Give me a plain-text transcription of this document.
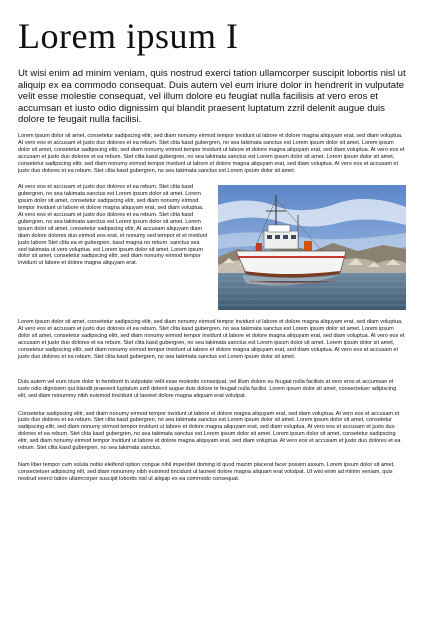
Lorem ipsum I

Ut wisi enim ad minim veniam, quis nostrud exerci tation ullamcorper suscipit lobortis nisl ut aliquip ex ea commodo consequat. Duis autem vel eum iriure dolor in hendrerit in vulputate velit esse molestie consequat, vel illum dolore eu feugiat nulla facilisis at vero eros et accumsan et iusto odio dignissim qui blandit praesent luptatum zzril delenit augue duis dolore te feugait nulla facilisi.

Lorem ipsum dolor sit amet, consetetur sadipscing elitr, sed diam nonumy eirmod tempor invidunt ut labore et dolore magna aliquyam erat, sed diam voluptua. At vero eos et accusam et justo duo dolores et ea rebum. Stet clita kasd gubergren, no sea takimata sanctus est Lorem ipsum dolor sit amet. Lorem ipsum dolor sit amet, consetetur sadipscing elitr, sed diam nonumy eirmod tempor invidunt ut labore et dolore magna aliquyam erat, sed diam voluptua. At vero eos et accusam et justo duo dolores et ea rebum. Stet clita kasd gubergren, no sea takimata sanctus est Lorem ipsum dolor sit amet. Lorem ipsum dolor sit amet, consetetur sadipscing elitr, sed diam nonumy eirmod tempor invidunt ut labore et dolore magna aliquyam erat, sed diam voluptua. At vero eos et accusam et justo duo dolores et ea rebum. Stet clita kasd gubergren, no sea takimata sanctus est Lorem ipsum dolor sit amet.

At vero eos et accusam et justo duo dolores et ea rebum. Stet clita kasd gubergren, no sea takimata sanctus est Lorem ipsum dolor sit amet. Lorem ipsum dolor sit amet, consetetur sadipscing elitr, sed diam nonumy eirmod tempor invidunt ut labore et dolore magna aliquyam erat, sed diam voluptua. At vero eos et accusam et justo duo dolores et ea rebum. Stet clita kasd gubergren, no sea takimata sanctus est Lorem ipsum dolor sit amet. Lorem ipsum dolor sit amet, consetetur sadipscing elitr, At accusam aliquyam diam diam dolore dolores duo eirmod eos erat, et nonumy sed tempor et et invidunt justo labore Stet clita ea et gubergren, kasd magna no rebum. sanctus sea sed takimata ut vero voluptua. est Lorem ipsum dolor sit amet. Lorem ipsum dolor sit amet, consetetur sadipscing elitr, sed diam nonumy eirmod tempor invidunt ut labore et dolore magna aliquyam erat.

Lorem ipsum dolor sit amet, consetetur sadipscing elitr, sed diam nonumy eirmod tempor invidunt ut labore et dolore magna aliquyam erat, sed diam voluptua. At vero eos et accusam et justo duo dolores et ea rebum. Stet clita kasd gubergren, no sea takimata sanctus est Lorem ipsum dolor sit amet. Lorem ipsum dolor sit amet, consetetur sadipscing elitr, sed diam nonumy eirmod tempor invidunt ut labore et dolore magna aliquyam erat, sed diam voluptua. At vero eos et accusam et justo duo dolores et ea rebum. Stet clita kasd gubergren, no sea takimata sanctus est Lorem ipsum dolor sit amet. Lorem ipsum dolor sit amet, consetetur sadipscing elitr, sed diam nonumy eirmod tempor invidunt ut labore et dolore magna aliquyam erat, sed diam voluptua. At vero eos et accusam et justo duo dolores et ea rebum. Stet clita kasd gubergren, no sea takimata sanctus est Lorem ipsum dolor sit amet.

Duis autem vel eum iriure dolor in hendrerit in vulputate velit esse molestie consequat, vel illum dolore eu feugiat nulla facilisis at vero eros et accumsan et iusto odio dignissim qui blandit praesent luptatum zzril delenit augue duis dolore te feugait nulla facilisi. Lorem ipsum dolor sit amet, consectetuer adipiscing elit, sed diam nonummy nibh euismod tincidunt ut laoreet dolore magna aliquam erat volutpat.

Consetetur sadipscing elitr, sed diam nonumy eirmod tempor invidunt ut labore et dolore magna aliquyam erat, sed diam voluptua. At vero eos et accusam et justo duo dolores et ea rebum. Stet clita kasd gubergren, no sea takimata sanctus est Lorem ipsum dolor sit amet. Lorem ipsum dolor sit amet, consetetur sadipscing elitr, sed diam nonumy eirmod tempor invidunt ut labore et dolore magna aliquyam erat, sed diam voluptua. At vero eos et accusam et justo duo dolores et ea rebum. Stet clita kasd gubergren, no sea takimata sanctus est Lorem ipsum dolor sit amet. Lorem ipsum dolor sit amet, consetetur sadipscing elitr, sed diam nonumy eirmod tempor invidunt ut labore et dolore magna aliquyam erat, sed diam voluptua. At vero eos et accusam et justo duo dolores et ea rebum. Stet clita kasd gubergren, no sea takimata sanctus.

Nam liber tempor cum soluta nobis eleifend option congue nihil imperdiet doming id quod mazim placerat facer possim assum. Lorem ipsum dolor sit amet, consectetuer adipiscing elit, sed diam nonummy nibh euismod tincidunt ut laoreet dolore magna aliquam erat volutpat. Ut wisi enim ad minim veniam, quis nostrud exerci tation ullamcorper suscipit lobortis nisl ut aliquip ex ea commodo consequat.
